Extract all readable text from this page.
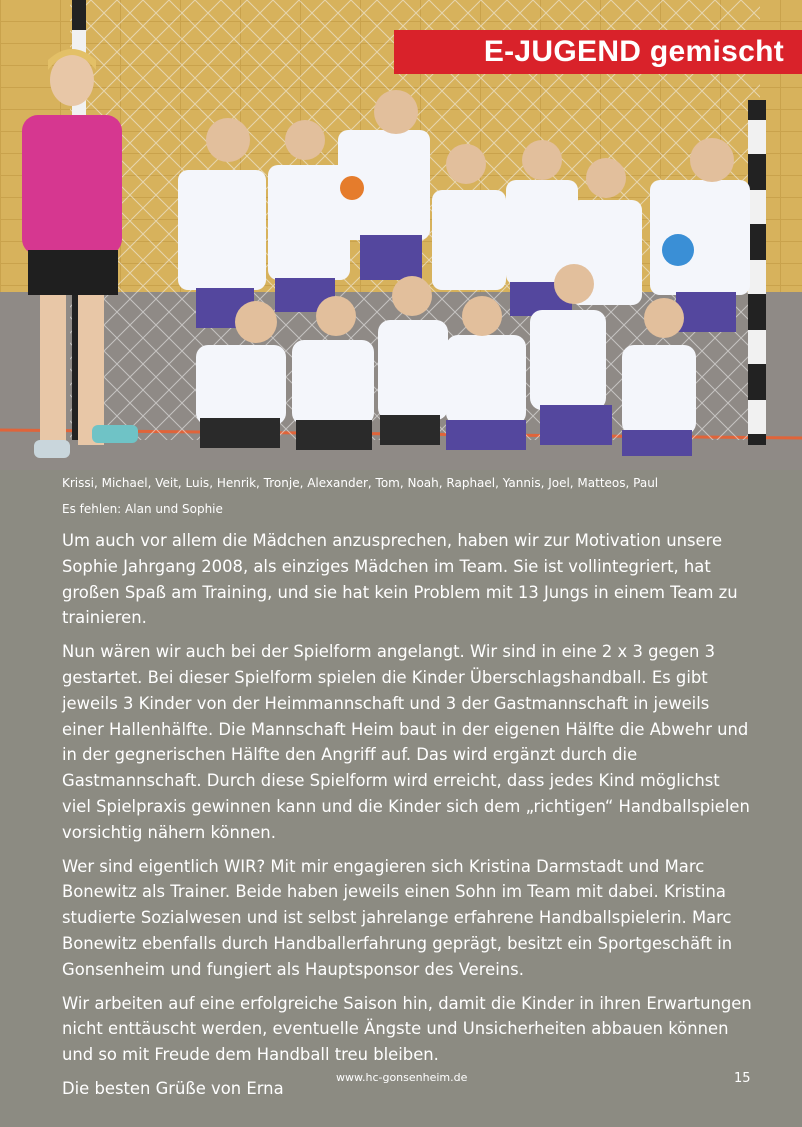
E-JUGEND gemischt
Krissi, Michael, Veit, Luis, Henrik, Tronje, Alexander, Tom, Noah, Raphael, Yannis, Joel, Matteos, Paul
Es fehlen: Alan und Sophie

Um auch vor allem die Mädchen anzusprechen, haben wir zur Motivation unsere Sophie Jahrgang 2008, als einziges Mädchen im Team. Sie ist vollintegriert, hat großen Spaß am Training, und sie hat kein Problem mit 13 Jungs in einem Team zu trainieren.

Nun wären wir auch bei der Spielform angelangt. Wir sind in eine 2 x 3 gegen 3 gestartet. Bei dieser Spielform spielen die Kinder Überschlagshandball. Es gibt jeweils 3 Kinder von der Heimmannschaft und 3 der Gastmannschaft in jeweils einer Hallenhälfte. Die Mannschaft Heim baut in der eigenen Hälfte die Abwehr und in der gegnerischen Hälfte den Angriff auf. Das wird ergänzt durch die Gastmannschaft. Durch diese Spielform wird erreicht, dass jedes Kind möglichst viel Spielpraxis gewinnen kann und die Kinder sich dem „richtigen“ Handballspielen vorsichtig nähern können.

Wer sind eigentlich WIR? Mit mir engagieren sich Kristina Darmstadt und Marc Bonewitz als Trainer. Beide haben jeweils einen Sohn im Team mit dabei. Kristina studierte Sozialwesen und ist selbst jahrelange erfahrene Handballspielerin. Marc Bonewitz ebenfalls durch Handballerfahrung geprägt, besitzt ein Sportgeschäft in Gonsenheim und fungiert als Hauptsponsor des Vereins.

Wir arbeiten auf eine erfolgreiche Saison hin, damit die Kinder in ihren Erwartungen nicht enttäuscht werden, eventuelle Ängste und Unsicherheiten abbauen können und so mit Freude dem Handball treu bleiben.

Die besten Grüße von Erna

www.hc-gonsenheim.de	15
